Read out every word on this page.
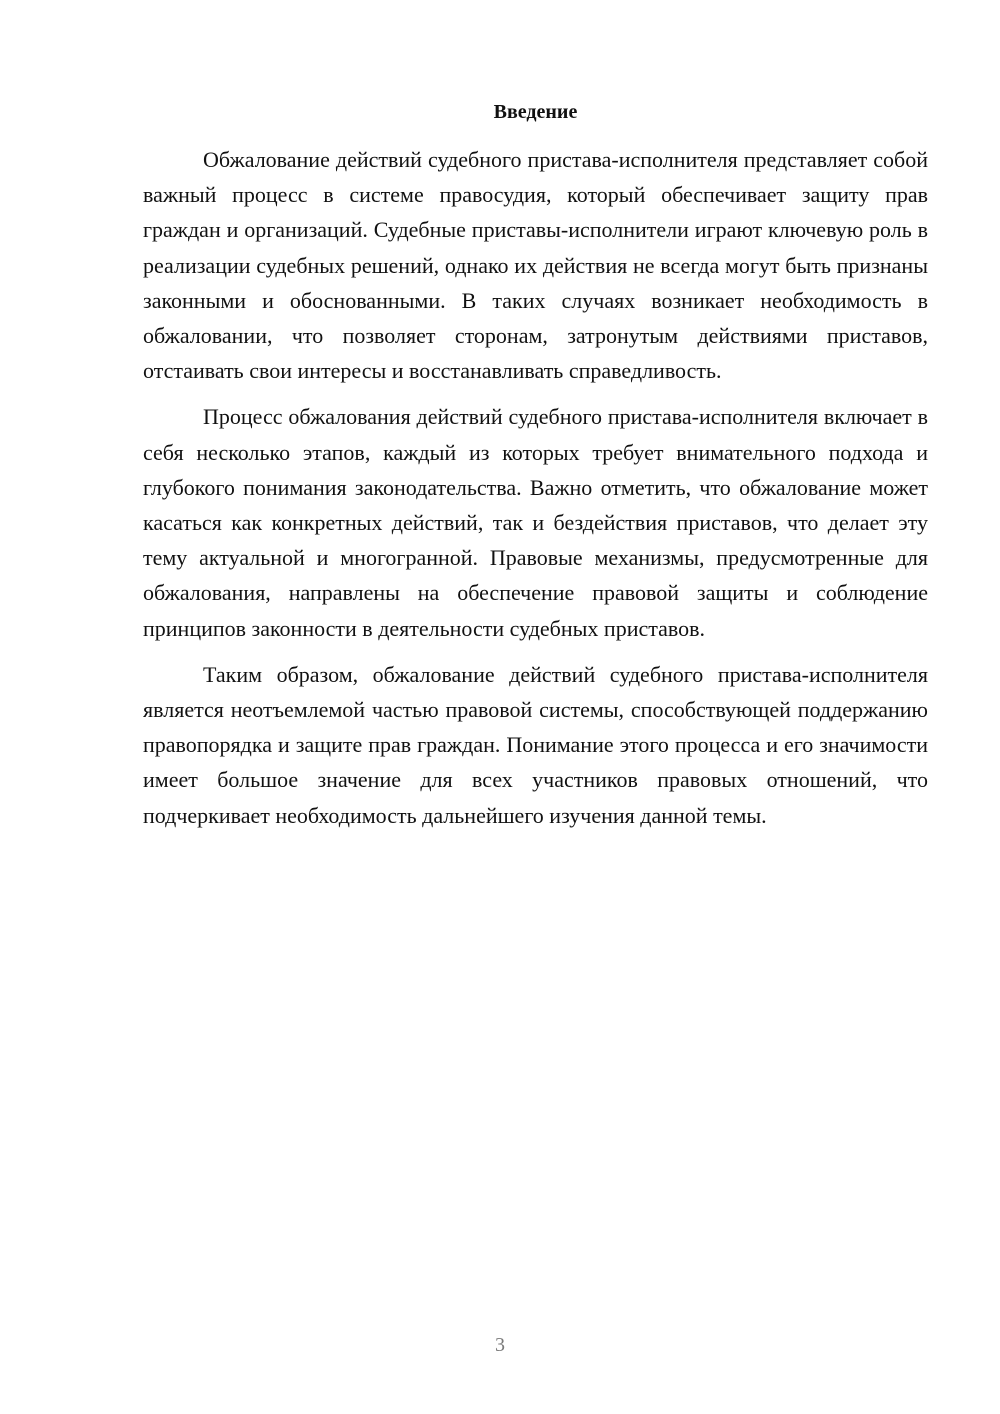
Введение

Обжалование действий судебного пристава-исполнителя представляет собой важный процесс в системе правосудия, который обеспечивает защиту прав граждан и организаций. Судебные приставы-исполнители играют ключевую роль в реализации судебных решений, однако их действия не всегда могут быть признаны законными и обоснованными. В таких случаях возникает необходимость в обжаловании, что позволяет сторонам, затронутым действиями приставов, отстаивать свои интересы и восстанавливать справедливость.

Процесс обжалования действий судебного пристава-исполнителя включает в себя несколько этапов, каждый из которых требует внимательного подхода и глубокого понимания законодательства. Важно отметить, что обжалование может касаться как конкретных действий, так и бездействия приставов, что делает эту тему актуальной и многогранной. Правовые механизмы, предусмотренные для обжалования, направлены на обеспечение правовой защиты и соблюдение принципов законности в деятельности судебных приставов.

Таким образом, обжалование действий судебного пристава-исполнителя является неотъемлемой частью правовой системы, способствующей поддержанию правопорядка и защите прав граждан. Понимание этого процесса и его значимости имеет большое значение для всех участников правовых отношений, что подчеркивает необходимость дальнейшего изучения данной темы.

3
